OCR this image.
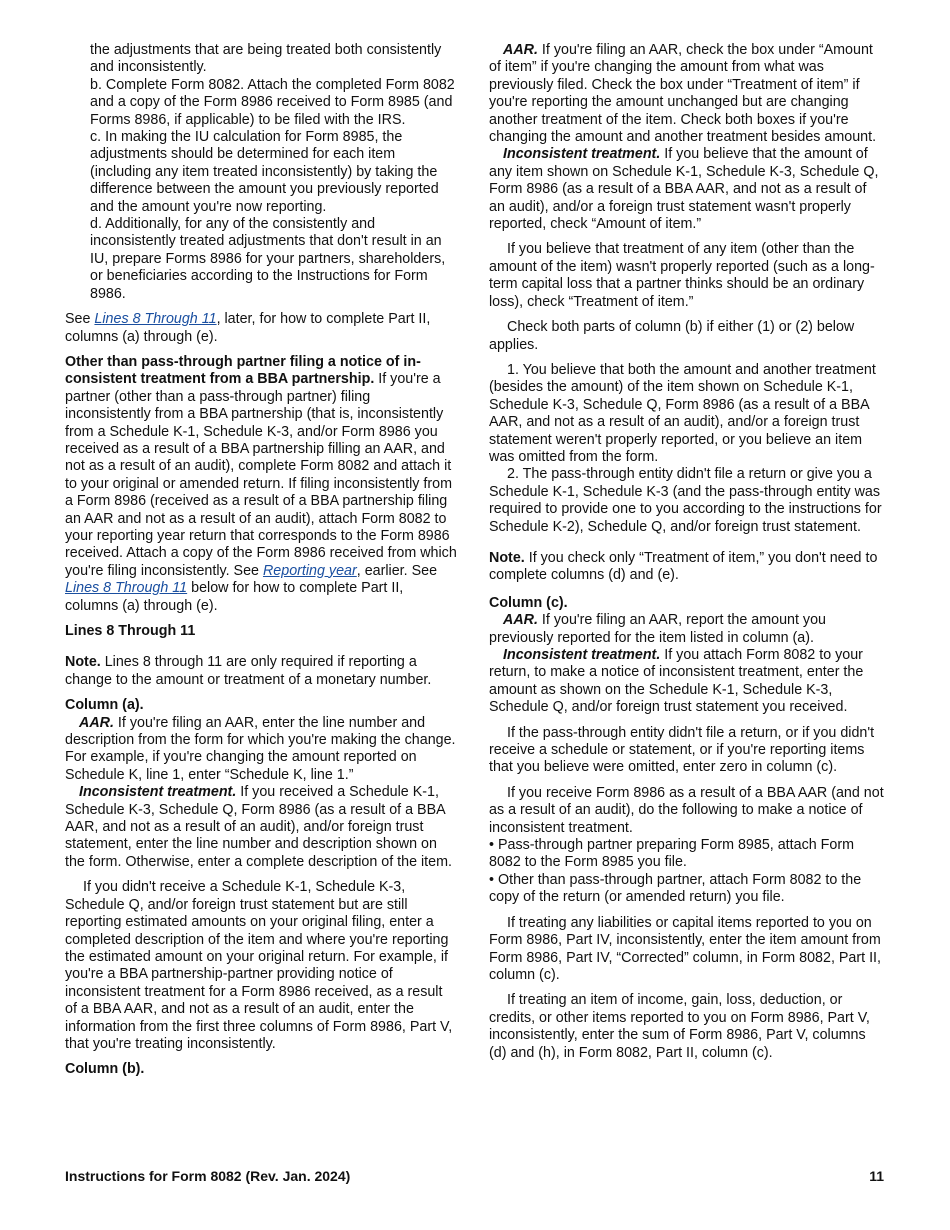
the adjustments that are being treated both consistently and inconsistently.

b. Complete Form 8082. Attach the completed Form 8082 and a copy of the Form 8986 received to Form 8985 (and Forms 8986, if applicable) to be filed with the IRS.

c. In making the IU calculation for Form 8985, the adjustments should be determined for each item (including any item treated inconsistently) by taking the difference between the amount you previously reported and the amount you're now reporting.

d. Additionally, for any of the consistently and inconsistently treated adjustments that don't result in an IU, prepare Forms 8986 for your partners, shareholders, or beneficiaries according to the Instructions for Form 8986.

See Lines 8 Through 11, later, for how to complete Part II, columns (a) through (e).

Other than pass-through partner filing a notice of in-consistent treatment from a BBA partnership. If you're a partner (other than a pass-through partner) filing inconsistently from a BBA partnership (that is, inconsistently from a Schedule K-1, Schedule K-3, and/or Form 8986 you received as a result of a BBA partnership filling an AAR, and not as a result of an audit), complete Form 8082 and attach it to your original or amended return. If filing inconsistently from a Form 8986 (received as a result of a BBA partnership filing an AAR and not as a result of an audit), attach Form 8082 to your reporting year return that corresponds to the Form 8986 received. Attach a copy of the Form 8986 received from which you're filing inconsistently. See Reporting year, earlier. See Lines 8 Through 11 below for how to complete Part II, columns (a) through (e).

Lines 8 Through 11

Note. Lines 8 through 11 are only required if reporting a change to the amount or treatment of a monetary number.

Column (a).

AAR. If you're filing an AAR, enter the line number and description from the form for which you're making the change. For example, if you're changing the amount reported on Schedule K, line 1, enter “Schedule K, line 1.”

Inconsistent treatment. If you received a Schedule K-1, Schedule K-3, Schedule Q, Form 8986 (as a result of a BBA AAR, and not as a result of an audit), and/or foreign trust statement, enter the line number and description shown on the form. Otherwise, enter a complete description of the item.

If you didn't receive a Schedule K-1, Schedule K-3, Schedule Q, and/or foreign trust statement but are still reporting estimated amounts on your original filing, enter a completed description of the item and where you're reporting the estimated amount on your original return. For example, if you're a BBA partnership-partner providing notice of inconsistent treatment for a Form 8986 received, as a result of a BBA AAR, and not as a result of an audit, enter the information from the first three columns of Form 8986, Part V, that you're treating inconsistently.

Column (b).

AAR. If you're filing an AAR, check the box under “Amount of item” if you're changing the amount from what was previously filed. Check the box under “Treatment of item” if you're reporting the amount unchanged but are changing another treatment of the item. Check both boxes if you're changing the amount and another treatment besides amount.

Inconsistent treatment. If you believe that the amount of any item shown on Schedule K-1, Schedule K-3, Schedule Q, Form 8986 (as a result of a BBA AAR, and not as a result of an audit), and/or a foreign trust statement wasn't properly reported, check “Amount of item.”

If you believe that treatment of any item (other than the amount of the item) wasn't properly reported (such as a long-term capital loss that a partner thinks should be an ordinary loss), check “Treatment of item.”

Check both parts of column (b) if either (1) or (2) below applies.

1. You believe that both the amount and another treatment (besides the amount) of the item shown on Schedule K-1, Schedule K-3, Schedule Q, Form 8986 (as a result of a BBA AAR, and not as a result of an audit), and/or a foreign trust statement weren't properly reported, or you believe an item was omitted from the form.

2. The pass-through entity didn't file a return or give you a Schedule K-1, Schedule K-3 (and the pass-through entity was required to provide one to you according to the instructions for Schedule K-2), Schedule Q, and/or foreign trust statement.

Note. If you check only “Treatment of item,” you don't need to complete columns (d) and (e).

Column (c).

AAR. If you're filing an AAR, report the amount you previously reported for the item listed in column (a).

Inconsistent treatment. If you attach Form 8082 to your return, to make a notice of inconsistent treatment, enter the amount as shown on the Schedule K-1, Schedule K-3, Schedule Q, and/or foreign trust statement you received.

If the pass-through entity didn't file a return, or if you didn't receive a schedule or statement, or if you're reporting items that you believe were omitted, enter zero in column (c).

If you receive Form 8986 as a result of a BBA AAR (and not as a result of an audit), do the following to make a notice of inconsistent treatment.

• Pass-through partner preparing Form 8985, attach Form 8082 to the Form 8985 you file.

• Other than pass-through partner, attach Form 8082 to the copy of the return (or amended return) you file.

If treating any liabilities or capital items reported to you on Form 8986, Part IV, inconsistently, enter the item amount from Form 8986, Part IV, “Corrected” column, in Form 8082, Part II, column (c).

If treating an item of income, gain, loss, deduction, or credits, or other items reported to you on Form 8986, Part V, inconsistently, enter the sum of Form 8986, Part V, columns (d) and (h), in Form 8082, Part II, column (c).

Instructions for Form 8082 (Rev. Jan. 2024)	11
